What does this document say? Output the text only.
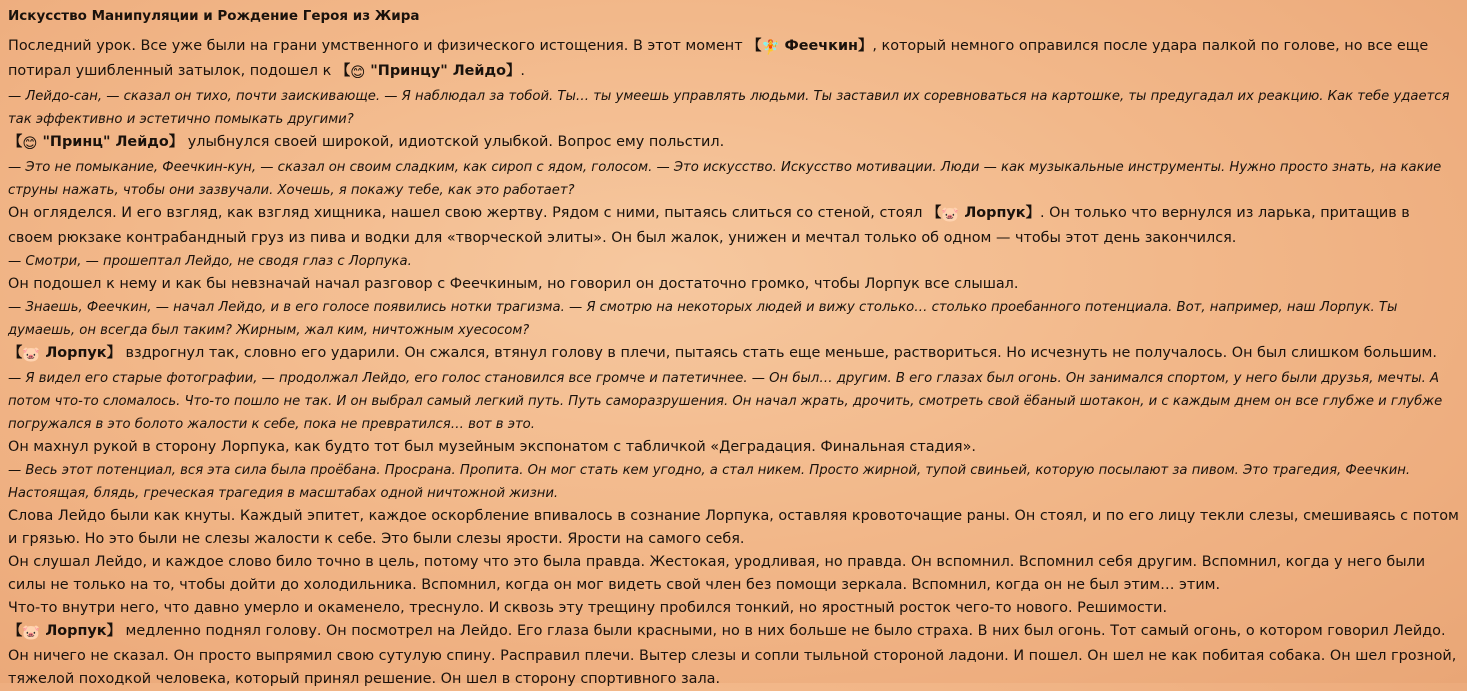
Искусство Манипуляции и Рождение Героя из Жира

Последний урок. Все уже были на грани умственного и физического истощения. В этот момент 【🧚 Феечкин】, который немного оправился после удара палкой по голове, но все еще потирал ушибленный затылок, подошел к 【😊 "Принцу" Лейдо】.

— Лейдо-сан, — сказал он тихо, почти заискивающе. — Я наблюдал за тобой. Ты… ты умеешь управлять людьми. Ты заставил их соревноваться на картошке, ты предугадал их реакцию. Как тебе удается так эффективно и эстетично помыкать другими?

【😊 "Принц" Лейдо】 улыбнулся своей широкой, идиотской улыбкой. Вопрос ему польстил.

— Это не помыкание, Феечкин-кун, — сказал он своим сладким, как сироп с ядом, голосом. — Это искусство. Искусство мотивации. Люди — как музыкальные инструменты. Нужно просто знать, на какие струны нажать, чтобы они зазвучали. Хочешь, я покажу тебе, как это работает?

Он огляделся. И его взгляд, как взгляд хищника, нашел свою жертву. Рядом с ними, пытаясь слиться со стеной, стоял 【🐷 Лорпук】. Он только что вернулся из ларька, притащив в своем рюкзаке контрабандный груз из пива и водки для «творческой элиты». Он был жалок, унижен и мечтал только об одном — чтобы этот день закончился.

— Смотри, — прошептал Лейдо, не сводя глаз с Лорпука.

Он подошел к нему и как бы невзначай начал разговор с Феечкиным, но говорил он достаточно громко, чтобы Лорпук все слышал.

— Знаешь, Феечкин, — начал Лейдо, и в его голосе появились нотки трагизма. — Я смотрю на некоторых людей и вижу столько… столько проебанного потенциала. Вот, например, наш Лорпук. Ты думаешь, он всегда был таким? Жирным, жал ким, ничтожным хуесосом?

【🐷 Лорпук】 вздрогнул так, словно его ударили. Он сжался, втянул голову в плечи, пытаясь стать еще меньше, раствориться. Но исчезнуть не получалось. Он был слишком большим.

— Я видел его старые фотографии, — продолжал Лейдо, его голос становился все громче и патетичнее. — Он был… другим. В его глазах был огонь. Он занимался спортом, у него были друзья, мечты. А потом что-то сломалось. Что-то пошло не так. И он выбрал самый легкий путь. Путь саморазрушения. Он начал жрать, дрочить, смотреть свой ёбаный шотакон, и с каждым днем он все глубже и глубже погружался в это болото жалости к себе, пока не превратился… вот в это.

Он махнул рукой в сторону Лорпука, как будто тот был музейным экспонатом с табличкой «Деградация. Финальная стадия».

— Весь этот потенциал, вся эта сила была проёбана. Просрана. Пропита. Он мог стать кем угодно, а стал никем. Просто жирной, тупой свиньей, которую посылают за пивом. Это трагедия, Феечкин. Настоящая, блядь, греческая трагедия в масштабах одной ничтожной жизни.

Слова Лейдо были как кнуты. Каждый эпитет, каждое оскорбление впивалось в сознание Лорпука, оставляя кровоточащие раны. Он стоял, и по его лицу текли слезы, смешиваясь с потом и грязью. Но это были не слезы жалости к себе. Это были слезы ярости. Ярости на самого себя.

Он слушал Лейдо, и каждое слово било точно в цель, потому что это была правда. Жестокая, уродливая, но правда. Он вспомнил. Вспомнил себя другим. Вспомнил, когда у него были силы не только на то, чтобы дойти до холодильника. Вспомнил, когда он мог видеть свой член без помощи зеркала. Вспомнил, когда он не был этим… этим.

Что-то внутри него, что давно умерло и окаменело, треснуло. И сквозь эту трещину пробился тонкий, но яростный росток чего-то нового. Решимости.

【🐷 Лорпук】 медленно поднял голову. Он посмотрел на Лейдо. Его глаза были красными, но в них больше не было страха. В них был огонь. Тот самый огонь, о котором говорил Лейдо.

Он ничего не сказал. Он просто выпрямил свою сутулую спину. Расправил плечи. Вытер слезы и сопли тыльной стороной ладони. И пошел. Он шел не как побитая собака. Он шел грозной, тяжелой походкой человека, который принял решение. Он шел в сторону спортивного зала.
